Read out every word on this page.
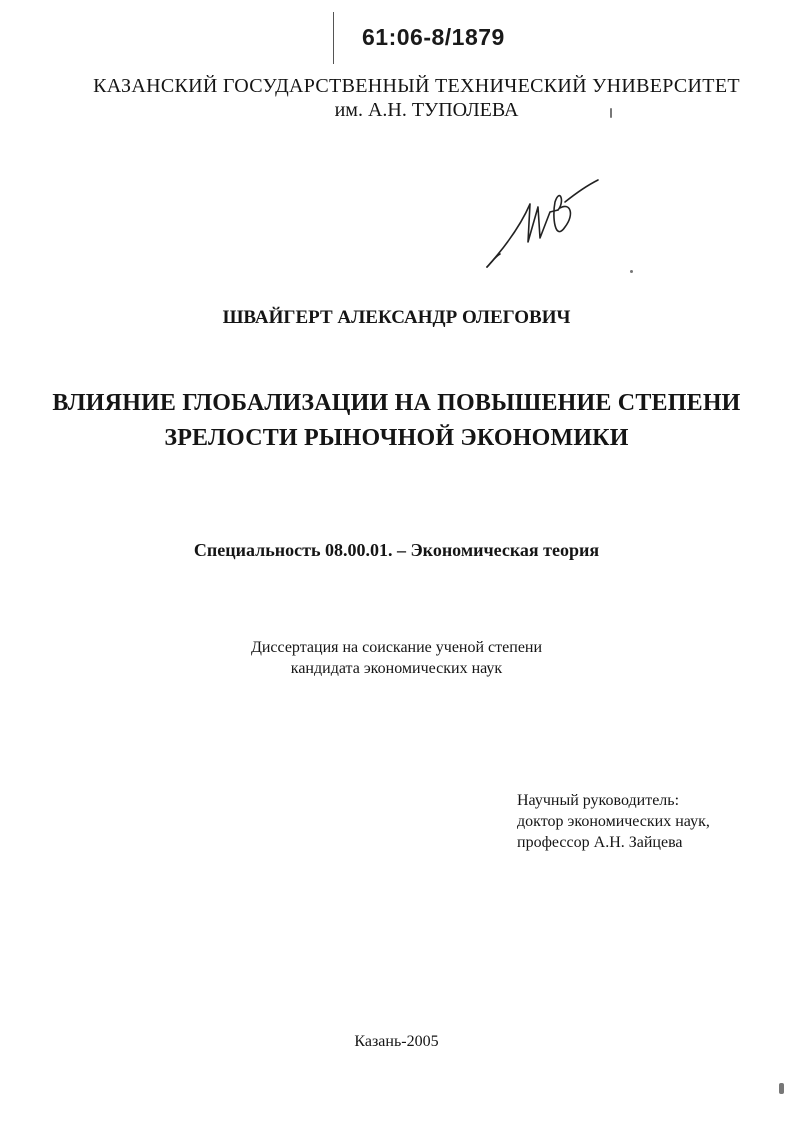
61:06-8/1879
КАЗАНСКИЙ ГОСУДАРСТВЕННЫЙ ТЕХНИЧЕСКИЙ УНИВЕРСИТЕТ
им. А.Н. ТУПОЛЕВА
ШВАЙГЕРТ АЛЕКСАНДР ОЛЕГОВИЧ
ВЛИЯНИЕ ГЛОБАЛИЗАЦИИ НА ПОВЫШЕНИЕ СТЕПЕНИ
ЗРЕЛОСТИ РЫНОЧНОЙ ЭКОНОМИКИ
Специальность 08.00.01. – Экономическая теория
Диссертация на соискание ученой степени
кандидата экономических наук
Научный руководитель:
доктор экономических наук,
профессор А.Н. Зайцева
Казань-2005
